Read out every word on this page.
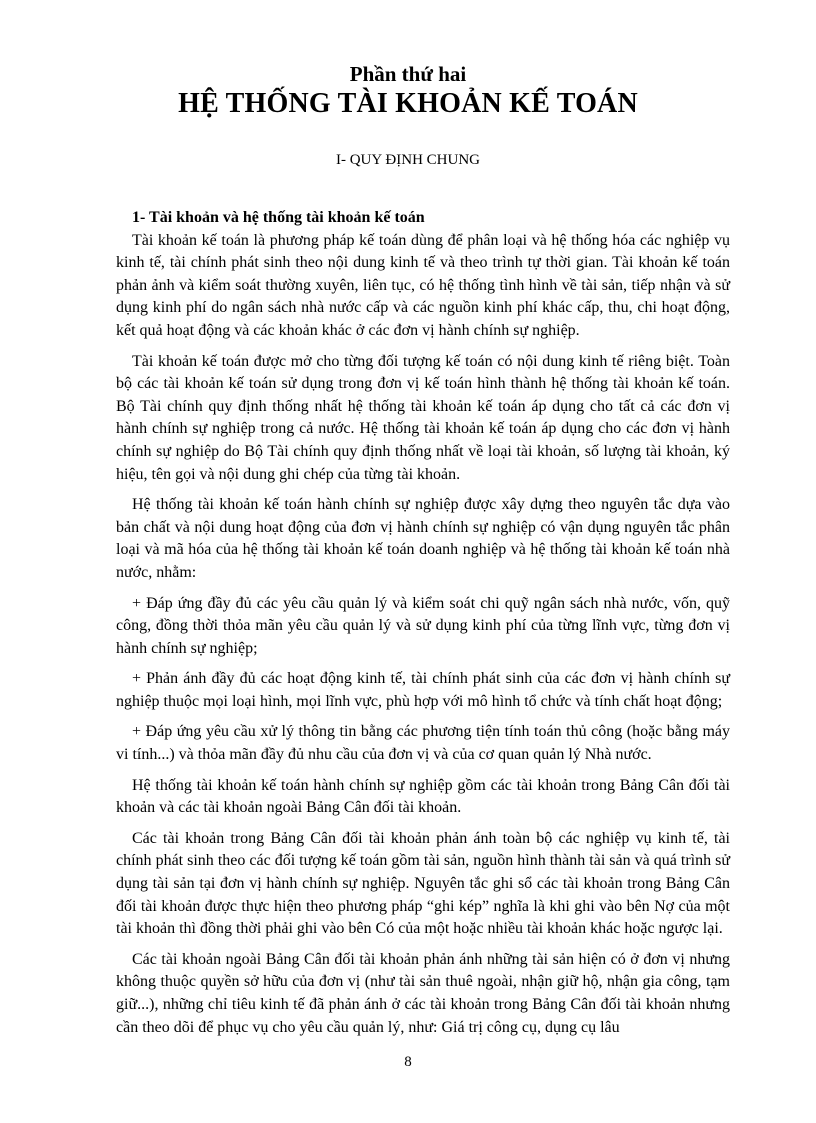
Phần thứ hai
HỆ THỐNG TÀI KHOẢN KẾ TOÁN
I- QUY ĐỊNH CHUNG

1- Tài khoản và hệ thống tài khoản kế toán

Tài khoản kế toán là phương pháp kế toán dùng để phân loại và hệ thống hóa các nghiệp vụ kinh tế, tài chính phát sinh theo nội dung kinh tế và theo trình tự thời gian. Tài khoản kế toán phản ảnh và kiểm soát thường xuyên, liên tục, có hệ thống tình hình về tài sản, tiếp nhận và sử dụng kinh phí do ngân sách nhà nước cấp và các nguồn kinh phí khác cấp, thu, chi hoạt động, kết quả hoạt động và các khoản khác ở các đơn vị hành chính sự nghiệp.

Tài khoản kế toán được mở cho từng đối tượng kế toán có nội dung kinh tế riêng biệt. Toàn bộ các tài khoản kế toán sử dụng trong đơn vị kế toán hình thành hệ thống tài khoản kế toán. Bộ Tài chính quy định thống nhất hệ thống tài khoản kế toán áp dụng cho tất cả các đơn vị hành chính sự nghiệp trong cả nước. Hệ thống tài khoản kế toán áp dụng cho các đơn vị hành chính sự nghiệp do Bộ Tài chính quy định thống nhất về loại tài khoản, số lượng tài khoản, ký hiệu, tên gọi và nội dung ghi chép của từng tài khoản.

Hệ thống tài khoản kế toán hành chính sự nghiệp được xây dựng theo nguyên tắc dựa vào bản chất và nội dung hoạt động của đơn vị hành chính sự nghiệp có vận dụng nguyên tắc phân loại và mã hóa của hệ thống tài khoản kế toán doanh nghiệp và hệ thống tài khoản kế toán nhà nước, nhằm:

+ Đáp ứng đầy đủ các yêu cầu quản lý và kiểm soát chi quỹ ngân sách nhà nước, vốn, quỹ công, đồng thời thỏa mãn yêu cầu quản lý và sử dụng kinh phí của từng lĩnh vực, từng đơn vị hành chính sự nghiệp;

+ Phản ánh đầy đủ các hoạt động kinh tế, tài chính phát sinh của các đơn vị hành chính sự nghiệp thuộc mọi loại hình, mọi lĩnh vực, phù hợp với mô hình tổ chức và tính chất hoạt động;

+ Đáp ứng yêu cầu xử lý thông tin bằng các phương tiện tính toán thủ công (hoặc bằng máy vi tính...) và thỏa mãn đầy đủ nhu cầu của đơn vị và của cơ quan quản lý Nhà nước.

Hệ thống tài khoản kế toán hành chính sự nghiệp gồm các tài khoản trong Bảng Cân đối tài khoản và các tài khoản ngoài Bảng Cân đối tài khoản.

Các tài khoản trong Bảng Cân đối tài khoản phản ánh toàn bộ các nghiệp vụ kinh tế, tài chính phát sinh theo các đối tượng kế toán gồm tài sản, nguồn hình thành tài sản và quá trình sử dụng tài sản tại đơn vị hành chính sự nghiệp. Nguyên tắc ghi sổ các tài khoản trong Bảng Cân đối tài khoản được thực hiện theo phương pháp “ghi kép” nghĩa là khi ghi vào bên Nợ của một tài khoản thì đồng thời phải ghi vào bên Có của một hoặc nhiều tài khoản khác hoặc ngược lại.

Các tài khoản ngoài Bảng Cân đối tài khoản phản ánh những tài sản hiện có ở đơn vị nhưng không thuộc quyền sở hữu của đơn vị (như tài sản thuê ngoài, nhận giữ hộ, nhận gia công, tạm giữ...), những chỉ tiêu kinh tế đã phản ánh ở các tài khoản trong Bảng Cân đối tài khoản nhưng cần theo dõi để phục vụ cho yêu cầu quản lý, như: Giá trị công cụ, dụng cụ lâu

8
